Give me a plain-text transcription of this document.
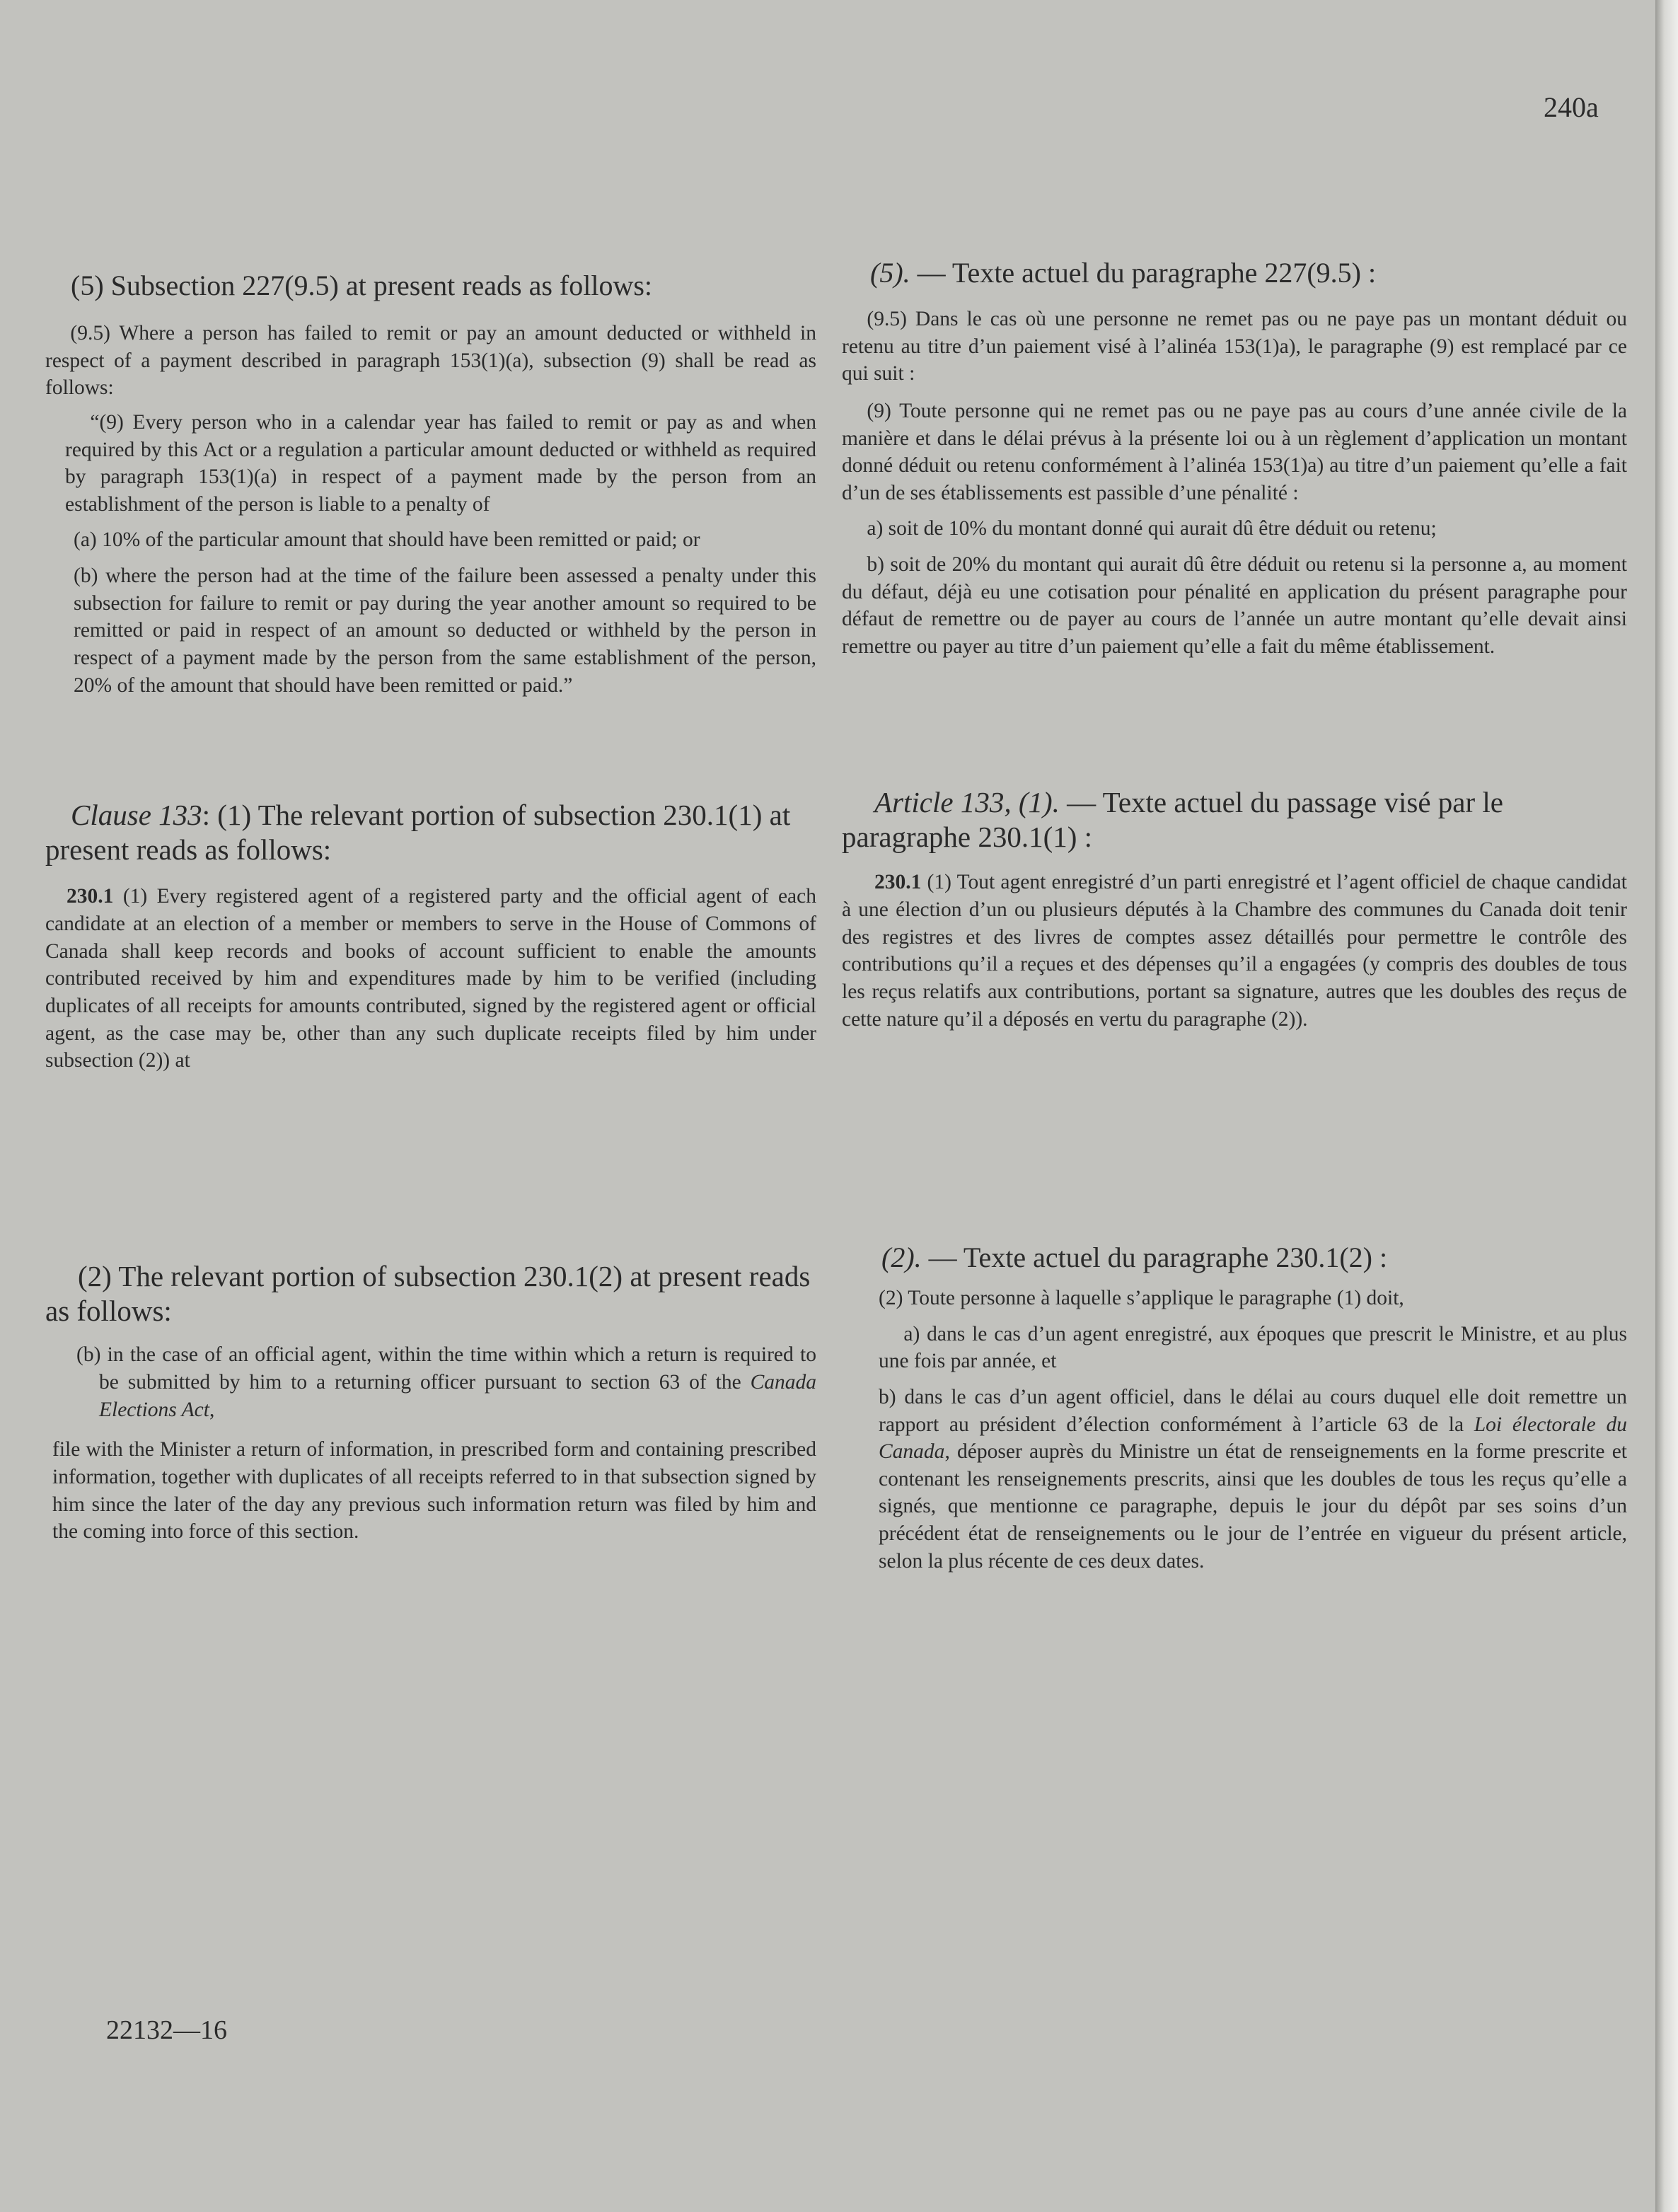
240a
(5) Subsection 227(9.5) at present reads as follows:

(9.5) Where a person has failed to remit or pay an amount deducted or withheld in respect of a payment described in paragraph 153(1)(a), subsection (9) shall be read as follows:

“(9) Every person who in a calendar year has failed to remit or pay as and when required by this Act or a regulation a particular amount deducted or withheld as required by paragraph 153(1)(a) in respect of a payment made by the person from an establishment of the person is liable to a penalty of

(a) 10% of the particular amount that should have been remitted or paid; or

(b) where the person had at the time of the failure been assessed a penalty under this subsection for failure to remit or pay during the year another amount so required to be remitted or paid in respect of an amount so deducted or withheld by the person in respect of a payment made by the person from the same establishment of the person, 20% of the amount that should have been remitted or paid.”

Clause 133: (1) The relevant portion of subsection 230.1(1) at present reads as follows:

230.1 (1) Every registered agent of a registered party and the official agent of each candidate at an election of a member or members to serve in the House of Commons of Canada shall keep records and books of account sufficient to enable the amounts contributed received by him and expenditures made by him to be verified (including duplicates of all receipts for amounts contributed, signed by the registered agent or official agent, as the case may be, other than any such duplicate receipts filed by him under subsection (2)) at

(2) The relevant portion of subsection 230.1(2) at present reads as follows:

(b) in the case of an official agent, within the time within which a return is required to be submitted by him to a returning officer pursuant to section 63 of the Canada Elections Act,

file with the Minister a return of information, in prescribed form and containing prescribed information, together with duplicates of all receipts referred to in that subsection signed by him since the later of the day any previous such information return was filed by him and the coming into force of this section.

(5). — Texte actuel du paragraphe 227(9.5) :

(9.5) Dans le cas où une personne ne remet pas ou ne paye pas un montant déduit ou retenu au titre d’un paiement visé à l’alinéa 153(1)a), le paragraphe (9) est remplacé par ce qui suit :

(9) Toute personne qui ne remet pas ou ne paye pas au cours d’une année civile de la manière et dans le délai prévus à la présente loi ou à un règlement d’application un montant donné déduit ou retenu conformément à l’alinéa 153(1)a) au titre d’un paiement qu’elle a fait d’un de ses établissements est passible d’une pénalité :

a) soit de 10% du montant donné qui aurait dû être déduit ou retenu;

b) soit de 20% du montant qui aurait dû être déduit ou retenu si la personne a, au moment du défaut, déjà eu une cotisation pour pénalité en application du présent paragraphe pour défaut de remettre ou de payer au cours de l’année un autre montant qu’elle devait ainsi remettre ou payer au titre d’un paiement qu’elle a fait du même établissement.

Article 133, (1). — Texte actuel du passage visé par le paragraphe 230.1(1) :

230.1 (1) Tout agent enregistré d’un parti enregistré et l’agent officiel de chaque candidat à une élection d’un ou plusieurs députés à la Chambre des communes du Canada doit tenir des registres et des livres de comptes assez détaillés pour permettre le contrôle des contributions qu’il a reçues et des dépenses qu’il a engagées (y compris des doubles de tous les reçus relatifs aux contributions, portant sa signature, autres que les doubles des reçus de cette nature qu’il a déposés en vertu du paragraphe (2)).

(2). — Texte actuel du paragraphe 230.1(2) :

(2) Toute personne à laquelle s’applique le paragraphe (1) doit,

a) dans le cas d’un agent enregistré, aux époques que prescrit le Ministre, et au plus une fois par année, et

b) dans le cas d’un agent officiel, dans le délai au cours duquel elle doit remettre un rapport au président d’élection conformément à l’article 63 de la Loi électorale du Canada, déposer auprès du Ministre un état de renseignements en la forme prescrite et contenant les renseignements prescrits, ainsi que les doubles de tous les reçus qu’elle a signés, que mentionne ce paragraphe, depuis le jour du dépôt par ses soins d’un précédent état de renseignements ou le jour de l’entrée en vigueur du présent article, selon la plus récente de ces deux dates.

22132—16
